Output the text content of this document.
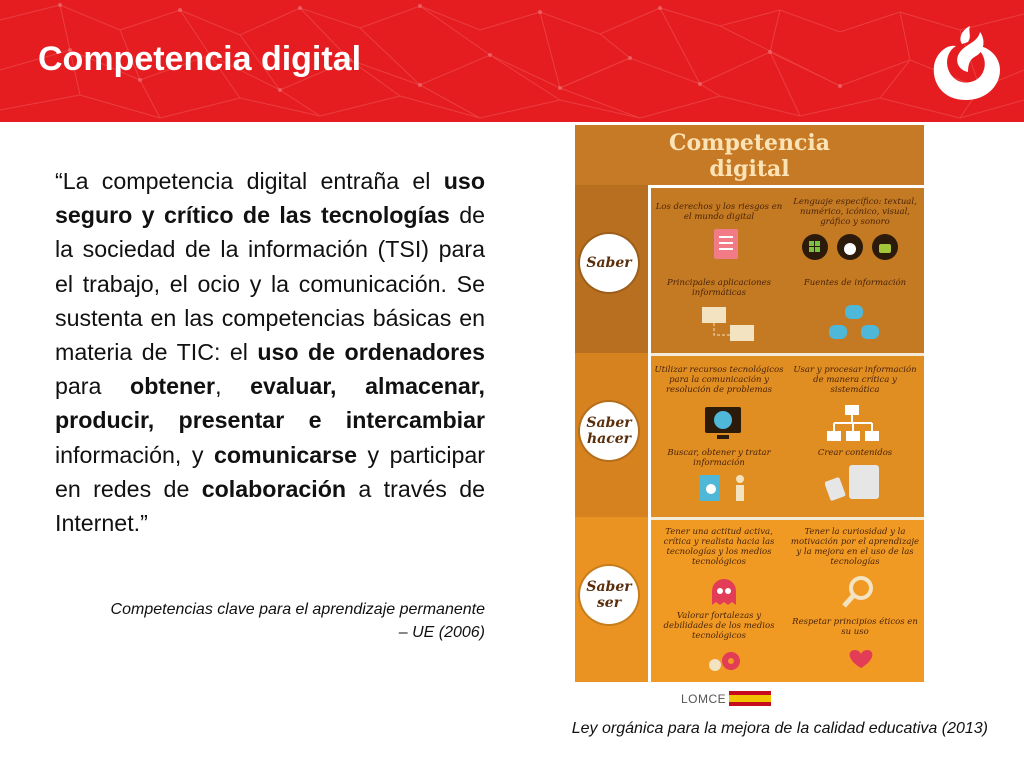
Competencia digital
“La competencia digital entraña el uso seguro y crítico de las tecnologías de la sociedad de la información (TSI) para el trabajo, el ocio y la comunicación. Se sustenta en las competencias básicas en materia de TIC: el uso de ordenadores para obtener, evaluar, almacenar, producir, presentar e intercambiar información, y comunicarse y participar en redes de colaboración a través de Internet.”
Competencias clave para el aprendizaje permanente
– UE (2006)
Competencia
digital
Saber
Los derechos y los riesgos en el mundo digital
Lenguaje específico: textual, numérico, icónico, visual, gráfico y sonoro
Principales aplicaciones informáticas
Fuentes de información
Saber
hacer
Utilizar recursos tecnológicos para la comunicación y resolución de problemas
Usar y procesar información de manera crítica y sistemática
Buscar, obtener y tratar información
Crear contenidos
Saber
ser
Tener una actitud activa, crítica y realista hacia las tecnologías y los medios tecnológicos
Tener la curiosidad y la motivación por el aprendizaje y la mejora en el uso de las tecnologías
Valorar fortalezas y debilidades de los medios tecnológicos
Respetar principios éticos en su uso
LOMCE
Ley orgánica para la mejora de la calidad educativa (2013)
